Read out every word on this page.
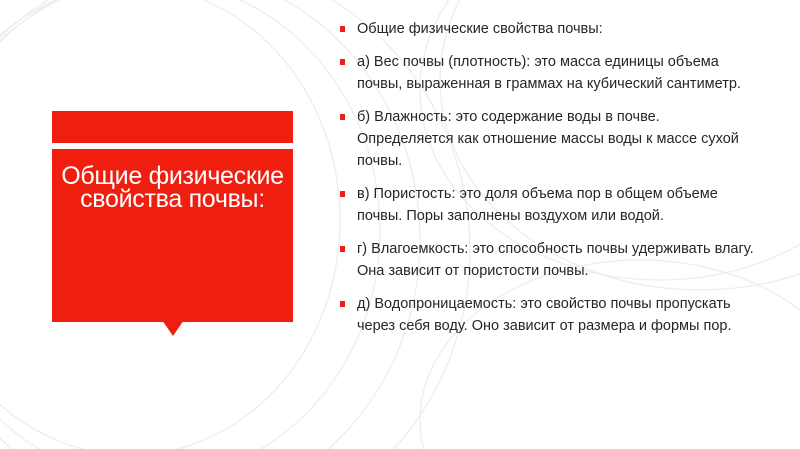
Общие физические свойства почвы:
Общие физические свойства почвы:
а) Вес почвы (плотность): это масса единицы объема почвы, выраженная в граммах на кубический сантиметр.
б) Влажность: это содержание воды в почве. Определяется как отношение массы воды к массе сухой почвы.
в) Пористость: это доля объема пор в общем объеме почвы. Поры заполнены воздухом или водой.
г) Влагоемкость: это способность почвы удерживать влагу. Она зависит от пористости почвы.
д) Водопроницаемость: это свойство почвы пропускать через себя воду. Оно зависит от размера и формы пор.
